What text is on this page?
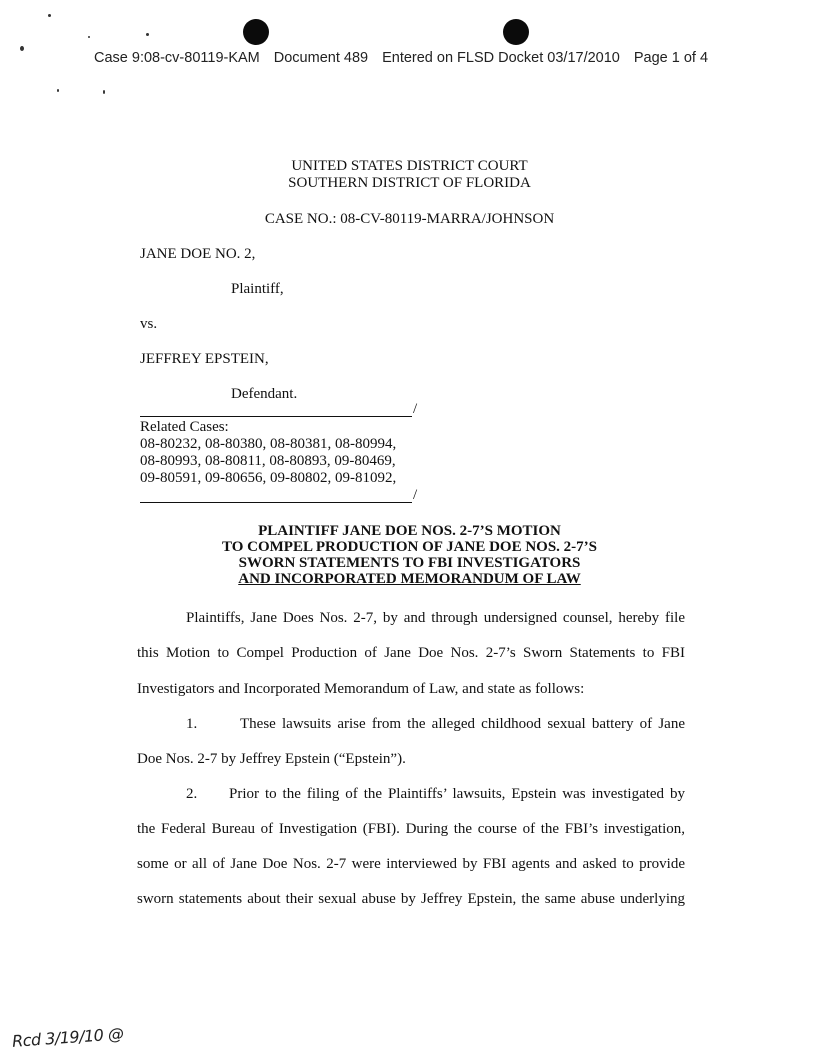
Case 9:08-cv-80119-KAM Document 489 Entered on FLSD Docket 03/17/2010 Page 1 of 4
UNITED STATES DISTRICT COURT
SOUTHERN DISTRICT OF FLORIDA
CASE NO.: 08-CV-80119-MARRA/JOHNSON
JANE DOE NO. 2,
Plaintiff,
vs.
JEFFREY EPSTEIN,
Defendant.
/
Related Cases:
08-80232, 08-80380, 08-80381, 08-80994,
08-80993, 08-80811, 08-80893, 09-80469,
09-80591, 09-80656, 09-80802, 09-81092,
/
PLAINTIFF JANE DOE NOS. 2-7’S MOTION
TO COMPEL PRODUCTION OF JANE DOE NOS. 2-7’S
SWORN STATEMENTS TO FBI INVESTIGATORS
AND INCORPORATED MEMORANDUM OF LAW
Plaintiffs, Jane Does Nos. 2-7, by and through undersigned counsel, hereby file
this Motion to Compel Production of Jane Doe Nos. 2-7’s Sworn Statements to FBI
Investigators and Incorporated Memorandum of Law, and state as follows:
1.	These lawsuits arise from the alleged childhood sexual battery of Jane
Doe Nos. 2-7 by Jeffrey Epstein (“Epstein”).
2. Prior to the filing of the Plaintiffs’ lawsuits, Epstein was investigated by
the Federal Bureau of Investigation (FBI). During the course of the FBI’s investigation,
some or all of Jane Doe Nos. 2-7 were interviewed by FBI agents and asked to provide
sworn statements about their sexual abuse by Jeffrey Epstein, the same abuse underlying
Rcd 3/19/10 @
